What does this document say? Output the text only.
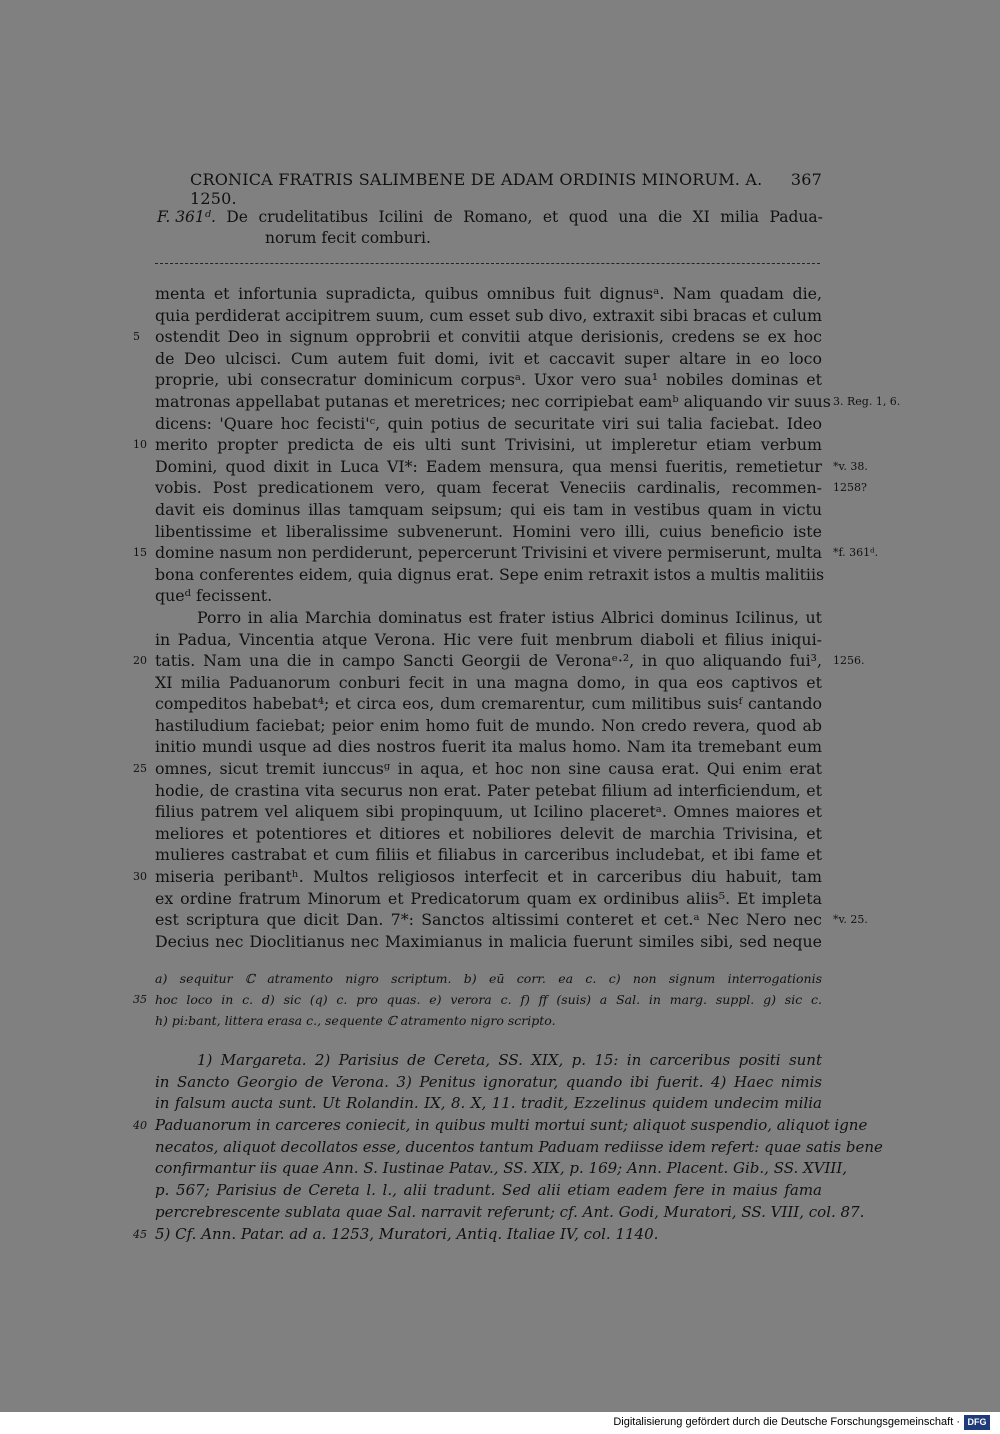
CRONICA FRATRIS SALIMBENE DE ADAM ORDINIS MINORUM. A. 1250.
367
F. 361ᵈ. De crudelitatibus Icilini de Romano, et quod una die XI milia Padua-
norum fecit comburi.
menta et infortunia supradicta, quibus omnibus fuit dignusᵃ. Nam quadam die,
quia perdiderat accipitrem suum, cum esset sub divo, extraxit sibi bracas et culum
ostendit Deo in signum opprobrii et convitii atque derisionis, credens se ex hoc
5
de Deo ulcisci. Cum autem fuit domi, ivit et caccavit super altare in eo loco
proprie, ubi consecratur dominicum corpusᵃ. Uxor vero sua¹ nobiles dominas et
matronas appellabat putanas et meretrices; nec corripiebat eamᵇ aliquando vir suus 3. Reg. 1, 6.
dicens: 'Quare hoc fecisti'ᶜ, quin potius de securitate viri sui talia faciebat. Ideo
merito propter predicta de eis ulti sunt Trivisini, ut impleretur etiam verbum
10
Domini, quod dixit in Luca VI*: Eadem mensura, qua mensi fueritis, remetietur *v. 38.
vobis. Post predicationem vero, quam fecerat Veneciis cardinalis, recommen- 1258?
davit eis dominus illas tamquam seipsum; qui eis tam in vestibus quam in victu
libentissime et liberalissime subvenerunt. Homini vero illi, cuius beneficio iste
domine nasum non perdiderunt, pepercerunt Trivisini et vivere permiserunt, multa
15	*f. 361ᵈ.
bona conferentes eidem, quia dignus erat. Sepe enim retraxit istos a multis malitiis
queᵈ fecissent.
Porro in alia Marchia dominatus est frater istius Albrici dominus Icilinus, ut
in Padua, Vincentia atque Verona. Hic vere fuit menbrum diaboli et filius iniqui-
tatis. Nam una die in campo Sancti Georgii de Veronaᵉ·², in quo aliquando fui³,
20	1256.
XI milia Paduanorum conburi fecit in una magna domo, in qua eos captivos et
compeditos habebat⁴; et circa eos, dum cremarentur, cum militibus suisᶠ cantando
hastiludium faciebat; peior enim homo fuit de mundo. Non credo revera, quod ab
initio mundi usque ad dies nostros fuerit ita malus homo. Nam ita tremebant eum
omnes, sicut tremit iunccusᵍ in aqua, et hoc non sine causa erat. Qui enim erat
25
hodie, de crastina vita securus non erat. Pater petebat filium ad interficiendum, et
filius patrem vel aliquem sibi propinquum, ut Icilino placeretᵃ. Omnes maiores et
meliores et potentiores et ditiores et nobiliores delevit de marchia Trivisina, et
mulieres castrabat et cum filiis et filiabus in carceribus includebat, et ibi fame et
miseria peribantʰ. Multos religiosos interfecit et in carceribus diu habuit, tam
30
ex ordine fratrum Minorum et Predicatorum quam ex ordinibus aliis⁵. Et impleta
est scriptura que dicit Dan. 7*: Sanctos altissimi conteret et cet.ᵃ Nec Nero nec *v. 25.
Decius nec Dioclitianus nec Maximianus in malicia fuerunt similes sibi, sed neque
a) sequitur ℂ atramento nigro scriptum. b) eū corr. ea c. c) non signum interrogationis
hoc loco in c. d) sic (q) c. pro quas. e) verora c. f) ff (suis) a Sal. in marg. suppl. g) sic c.
35
h) pi:bant, littera erasa c., sequente ℂ atramento nigro scripto.
1) Margareta. 2) Parisius de Cereta, SS. XIX, p. 15: in carceribus positi sunt
in Sancto Georgio de Verona. 3) Penitus ignoratur, quando ibi fuerit. 4) Haec nimis
in falsum aucta sunt. Ut Rolandin. IX, 8. X, 11. tradit, Ezzelinus quidem undecim milia
Paduanorum in carceres coniecit, in quibus multi mortui sunt; aliquot suspendio, aliquot igne
40
necatos, aliquot decollatos esse, ducentos tantum Paduam rediisse idem refert: quae satis bene
confirmantur iis quae Ann. S. Iustinae Patav., SS. XIX, p. 169; Ann. Placent. Gib., SS. XVIII,
p. 567; Parisius de Cereta l. l., alii tradunt. Sed alii etiam eadem fere in maius fama
percrebrescente sublata quae Sal. narravit referunt; cf. Ant. Godi, Muratori, SS. VIII, col. 87.
5) Cf. Ann. Patar. ad a. 1253, Muratori, Antiq. Italiae IV, col. 1140.
45
Digitalisierung gefördert durch die Deutsche Forschungsgemeinschaft · DFG
